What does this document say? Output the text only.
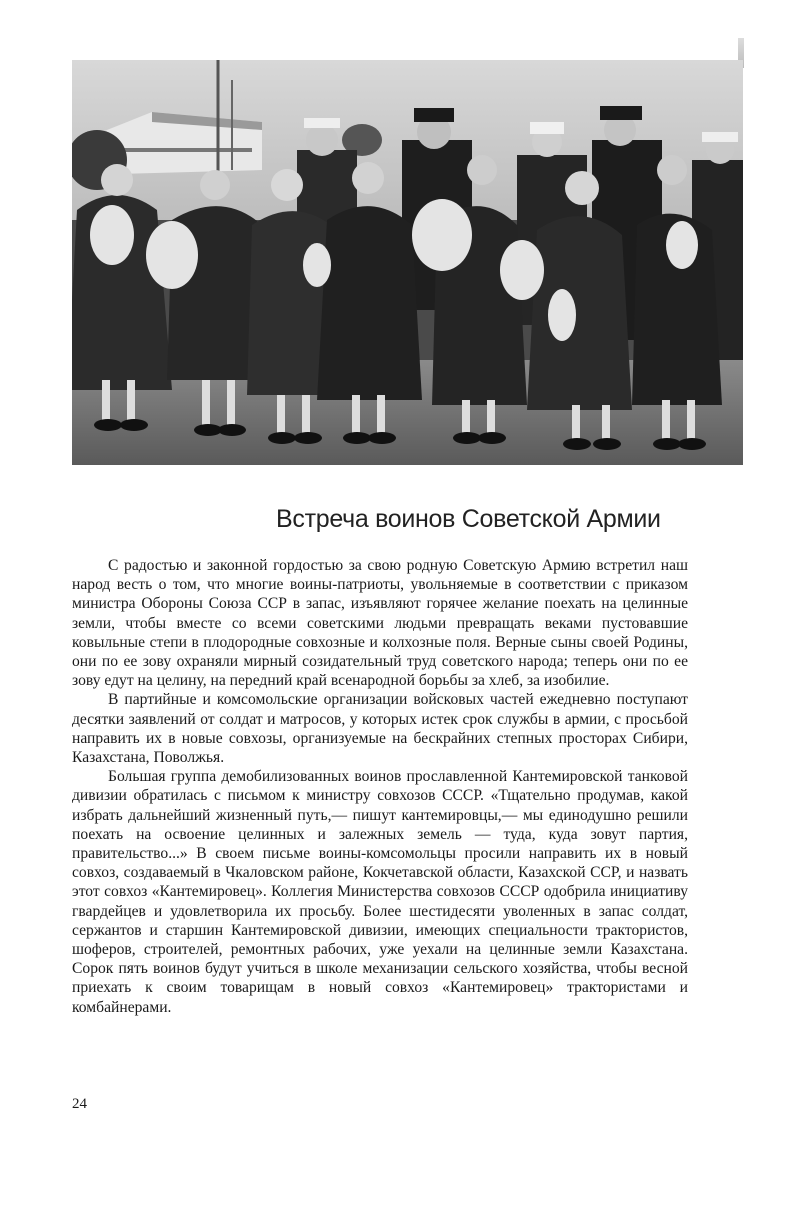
Встреча воинов Советской Армии

С радостью и законной гордостью за свою родную Советскую Армию встретил наш народ весть о том, что многие воины-патриоты, увольняемые в соответствии с приказом министра Обороны Союза ССР в запас, изъявляют горячее желание поехать на целинные земли, чтобы вместе со всеми советскими людьми превращать веками пустовавшие ковыльные степи в плодородные совхозные и колхозные поля. Верные сыны своей Родины, они по ее зову охраняли мирный созидательный труд советского народа; теперь они по ее зову едут на целину, на передний край всенародной борьбы за хлеб, за изобилие.

В партийные и комсомольские организации войсковых частей ежедневно поступают десятки заявлений от солдат и матросов, у которых истек срок службы в армии, с просьбой направить их в новые совхозы, организуемые на бескрайних степных просторах Сибири, Казахстана, Поволжья.

Большая группа демобилизованных воинов прославленной Кантемировской танковой дивизии обратилась с письмом к министру совхозов СССР. «Тщательно продумав, какой избрать дальнейший жизненный путь,— пишут кантемировцы,— мы единодушно решили поехать на освоение целинных и залежных земель — туда, куда зовут партия, правительство...» В своем письме воины-комсомольцы просили направить их в новый совхоз, создаваемый в Чкаловском районе, Кокчетавской области, Казахской ССР, и назвать этот совхоз «Кантемировец». Коллегия Министерства совхозов СССР одобрила инициативу гвардейцев и удовлетворила их просьбу. Более шестидесяти уволенных в запас солдат, сержантов и старшин Кантемировской дивизии, имеющих специальности трактористов, шоферов, строителей, ремонтных рабочих, уже уехали на целинные земли Казахстана. Сорок пять воинов будут учиться в школе механизации сельского хозяйства, чтобы весной приехать к своим товарищам в новый совхоз «Кантемировец» трактористами и комбайнерами.

24
